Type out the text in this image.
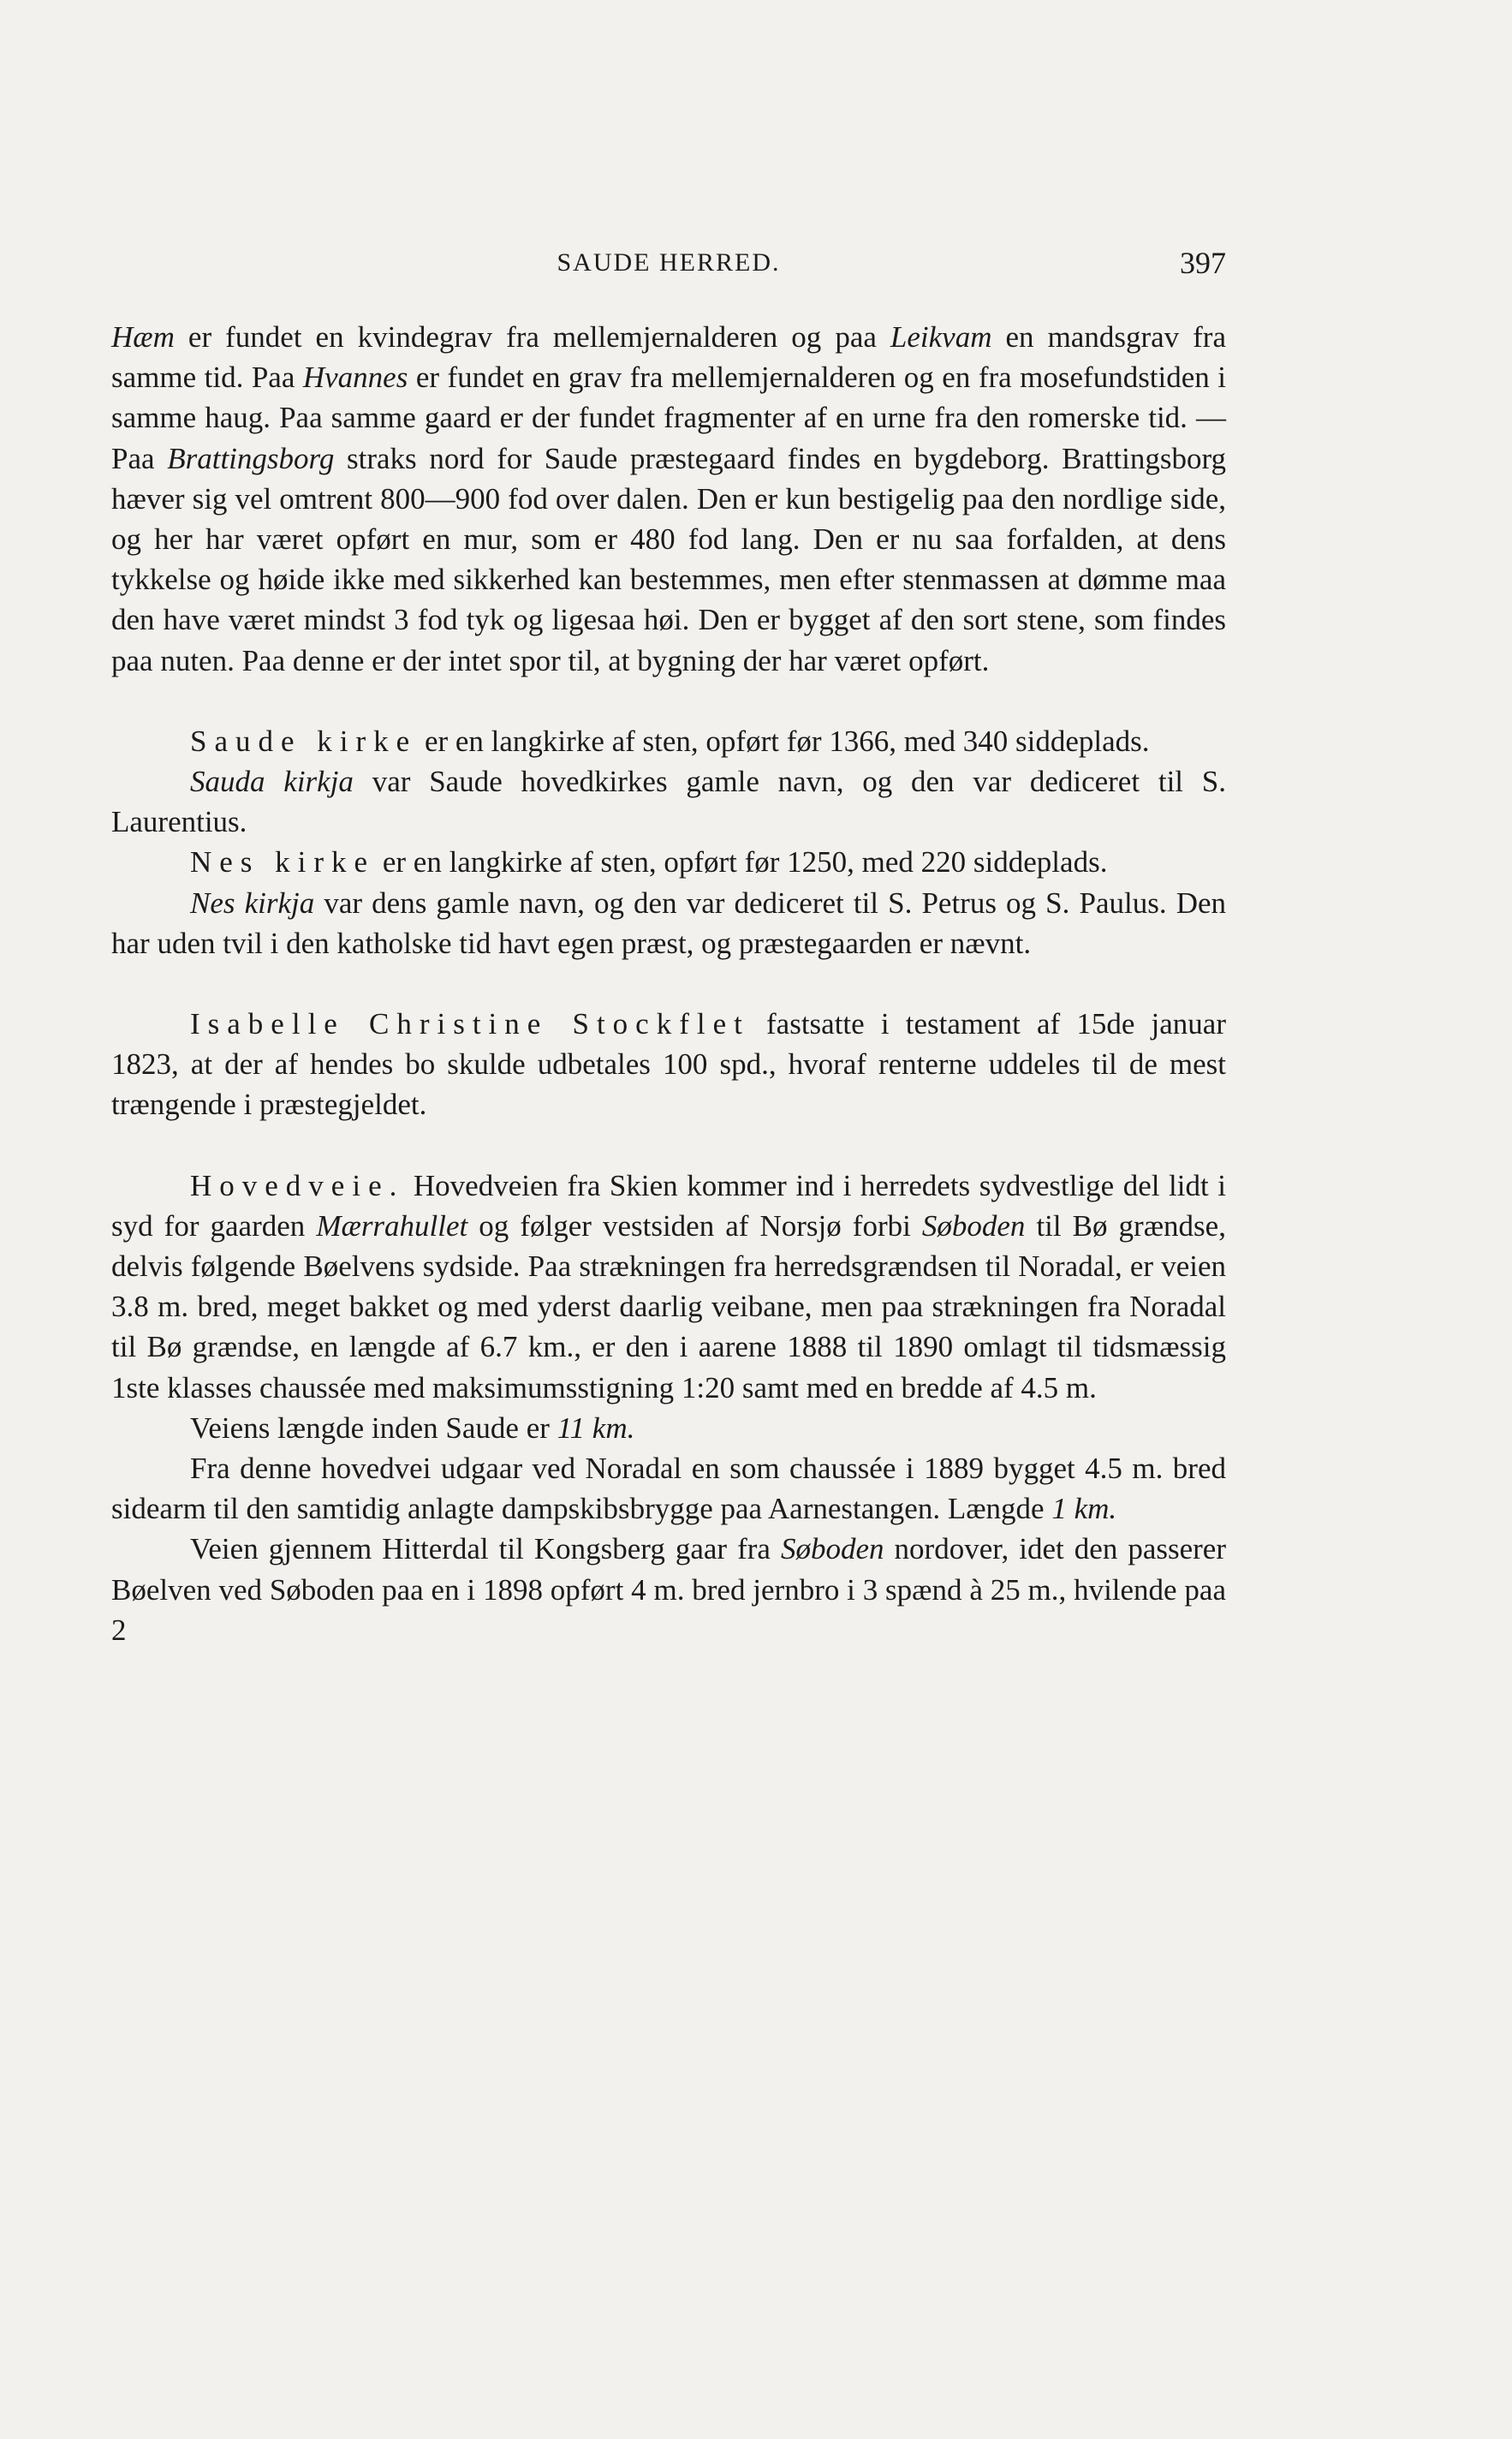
SAUDE HERRED.	397

Hæm er fundet en kvindegrav fra mellemjernalderen og paa Leikvam en mandsgrav fra samme tid. Paa Hvannes er fundet en grav fra mellemjernalderen og en fra mosefundstiden i samme haug. Paa samme gaard er der fundet fragmenter af en urne fra den romerske tid. — Paa Brattingsborg straks nord for Saude præstegaard findes en bygdeborg. Brattingsborg hæver sig vel omtrent 800—900 fod over dalen. Den er kun bestigelig paa den nordlige side, og her har været opført en mur, som er 480 fod lang. Den er nu saa forfalden, at dens tykkelse og høide ikke med sikkerhed kan bestemmes, men efter stenmassen at dømme maa den have været mindst 3 fod tyk og ligesaa høi. Den er bygget af den sort stene, som findes paa nuten. Paa denne er der intet spor til, at bygning der har været opført.

Saude kirke er en langkirke af sten, opført før 1366, med 340 siddeplads.

Sauda kirkja var Saude hovedkirkes gamle navn, og den var dediceret til S. Laurentius.

Nes kirke er en langkirke af sten, opført før 1250, med 220 siddeplads.

Nes kirkja var dens gamle navn, og den var dediceret til S. Petrus og S. Paulus. Den har uden tvil i den katholske tid havt egen præst, og præstegaarden er nævnt.

Isabelle Christine Stockflet fastsatte i testament af 15de januar 1823, at der af hendes bo skulde udbetales 100 spd., hvoraf renterne uddeles til de mest trængende i præstegjeldet.

Hovedveie. Hovedveien fra Skien kommer ind i herredets sydvestlige del lidt i syd for gaarden Mærrahullet og følger vestsiden af Norsjø forbi Søboden til Bø grændse, delvis følgende Bøelvens sydside. Paa strækningen fra herredsgrændsen til Noradal, er veien 3.8 m. bred, meget bakket og med yderst daarlig veibane, men paa strækningen fra Noradal til Bø grændse, en længde af 6.7 km., er den i aarene 1888 til 1890 omlagt til tidsmæssig 1ste klasses chaussée med maksimumsstigning 1:20 samt med en bredde af 4.5 m.

Veiens længde inden Saude er 11 km.

Fra denne hovedvei udgaar ved Noradal en som chaussée i 1889 bygget 4.5 m. bred sidearm til den samtidig anlagte dampskibsbrygge paa Aarnestangen. Længde 1 km.

Veien gjennem Hitterdal til Kongsberg gaar fra Søboden nordover, idet den passerer Bøelven ved Søboden paa en i 1898 opført 4 m. bred jernbro i 3 spænd à 25 m., hvilende paa 2
